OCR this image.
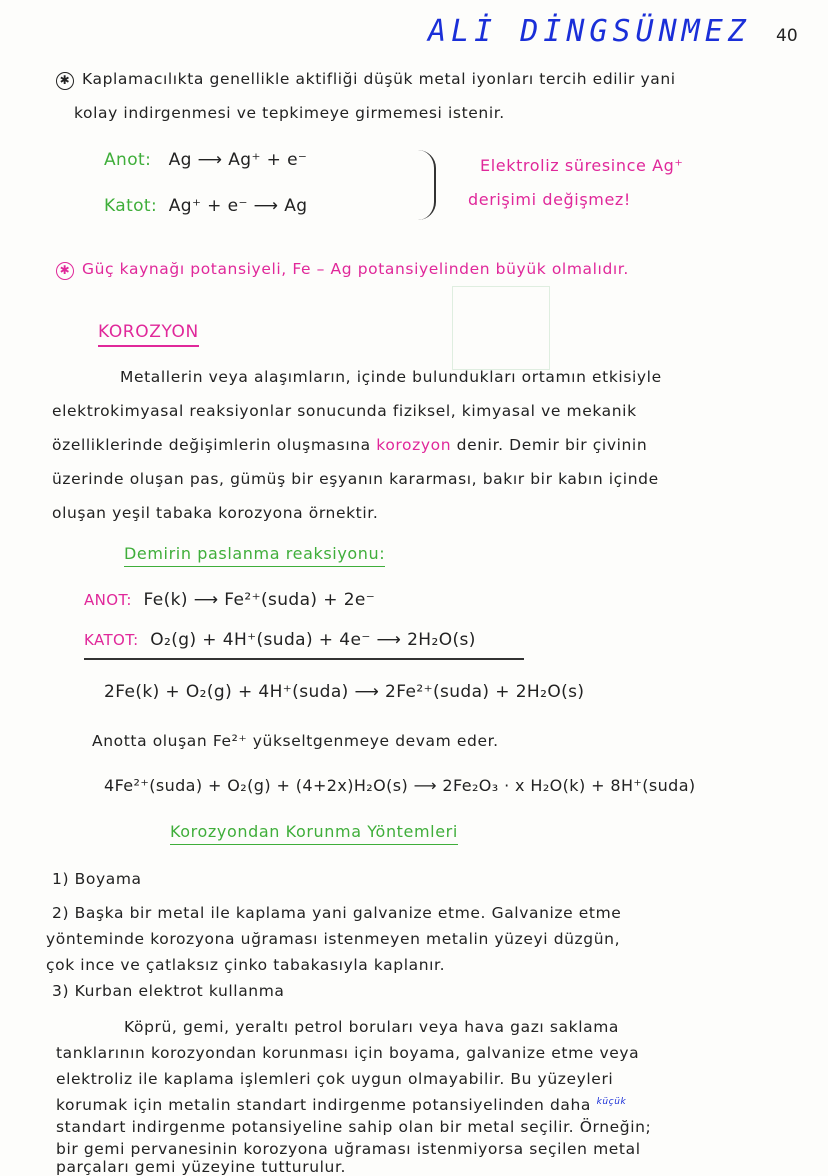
ALİ DİNGSÜNMEZ 40
✱ Kaplamacılıkta genellikle aktifliği düşük metal iyonları tercih edilir yani
kolay indirgenmesi ve tepkimeye girmemesi istenir.
Anot: Ag ⟶ Ag⁺ + e⁻
Katot: Ag⁺ + e⁻ ⟶ Ag
Elektroliz süresince Ag⁺
derişimi değişmez!
✱ Güç kaynağı potansiyeli, Fe – Ag potansiyelinden büyük olmalıdır.
KOROZYON
Metallerin veya alaşımların, içinde bulundukları ortamın etkisiyle
elektrokimyasal reaksiyonlar sonucunda fiziksel, kimyasal ve mekanik
özelliklerinde değişimlerin oluşmasına korozyon denir. Demir bir çivinin
üzerinde oluşan pas, gümüş bir eşyanın kararması, bakır bir kabın içinde
oluşan yeşil tabaka korozyona örnektir.
Demirin paslanma reaksiyonu:
ANOT: Fe(k) ⟶ Fe²⁺(suda) + 2e⁻
KATOT: O₂(g) + 4H⁺(suda) + 4e⁻ ⟶ 2H₂O(s)
2Fe(k) + O₂(g) + 4H⁺(suda) ⟶ 2Fe²⁺(suda) + 2H₂O(s)
Anotta oluşan Fe²⁺ yükseltgenmeye devam eder.
4Fe²⁺(suda) + O₂(g) + (4+2x)H₂O(s) ⟶ 2Fe₂O₃ · x H₂O(k) + 8H⁺(suda)
Korozyondan Korunma Yöntemleri
1) Boyama
2) Başka bir metal ile kaplama yani galvanize etme. Galvanize etme
yönteminde korozyona uğraması istenmeyen metalin yüzeyi düzgün,
çok ince ve çatlaksız çinko tabakasıyla kaplanır.
3) Kurban elektrot kullanma
Köprü, gemi, yeraltı petrol boruları veya hava gazı saklama
tanklarının korozyondan korunması için boyama, galvanize etme veya
elektroliz ile kaplama işlemleri çok uygun olmayabilir. Bu yüzeyleri
korumak için metalin standart indirgenme potansiyelinden daha $^{küçük}$
standart indirgenme potansiyeline sahip olan bir metal seçilir. Örneğin;
bir gemi pervanesinin korozyona uğraması istenmiyorsa seçilen metal
parçaları gemi yüzeyine tutturulur.
